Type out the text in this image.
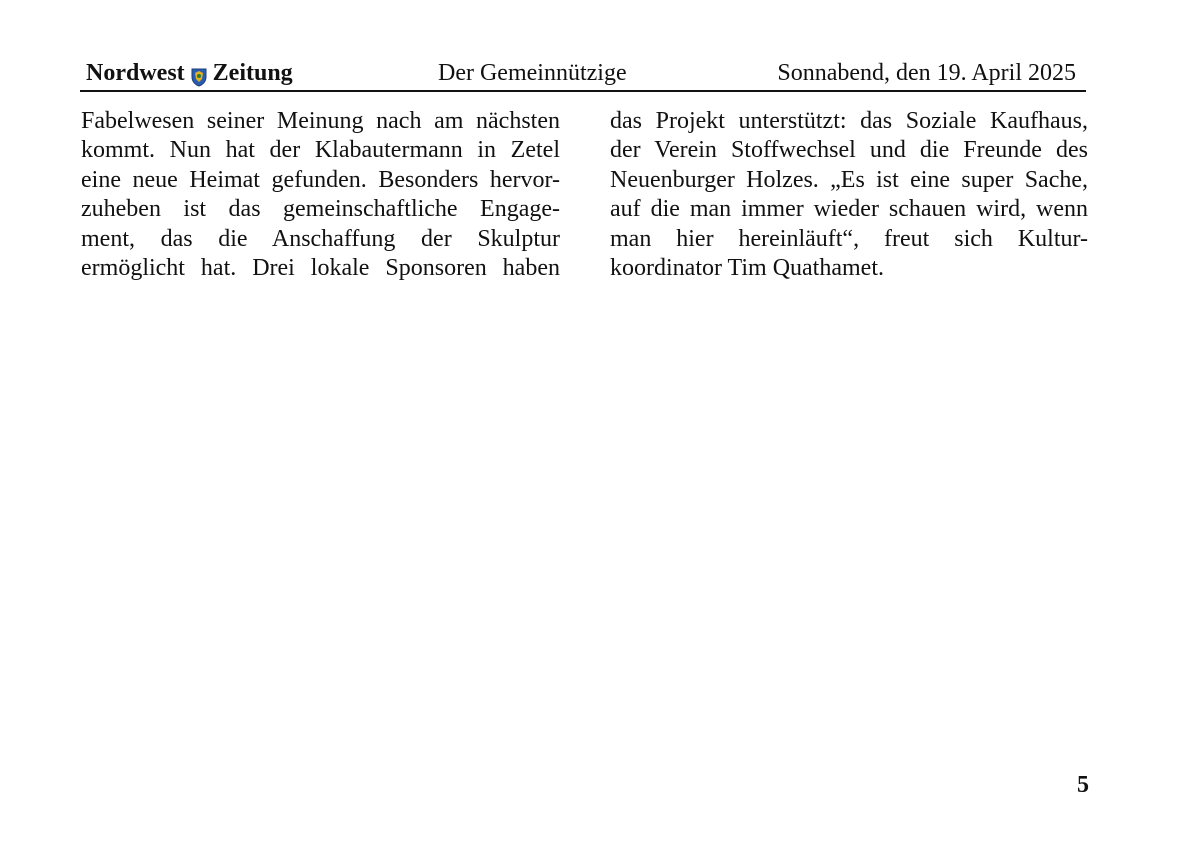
Nordwest Zeitung	Der Gemeinnützige	Sonnabend, den 19. April 2025
Fabelwesen seiner Meinung nach am nächsten
kommt. Nun hat der Klabautermann in Zetel
eine neue Heimat gefunden. Besonders hervor-
zuheben ist das gemeinschaftliche Engage-
ment, das die Anschaffung der Skulptur
ermöglicht hat. Drei lokale Sponsoren haben
das Projekt unterstützt: das Soziale Kaufhaus,
der Verein Stoffwechsel und die Freunde des
Neuenburger Holzes. „Es ist eine super Sache,
auf die man immer wieder schauen wird, wenn
man hier hereinläuft“, freut sich Kultur-
koordinator Tim Quathamet.
5
